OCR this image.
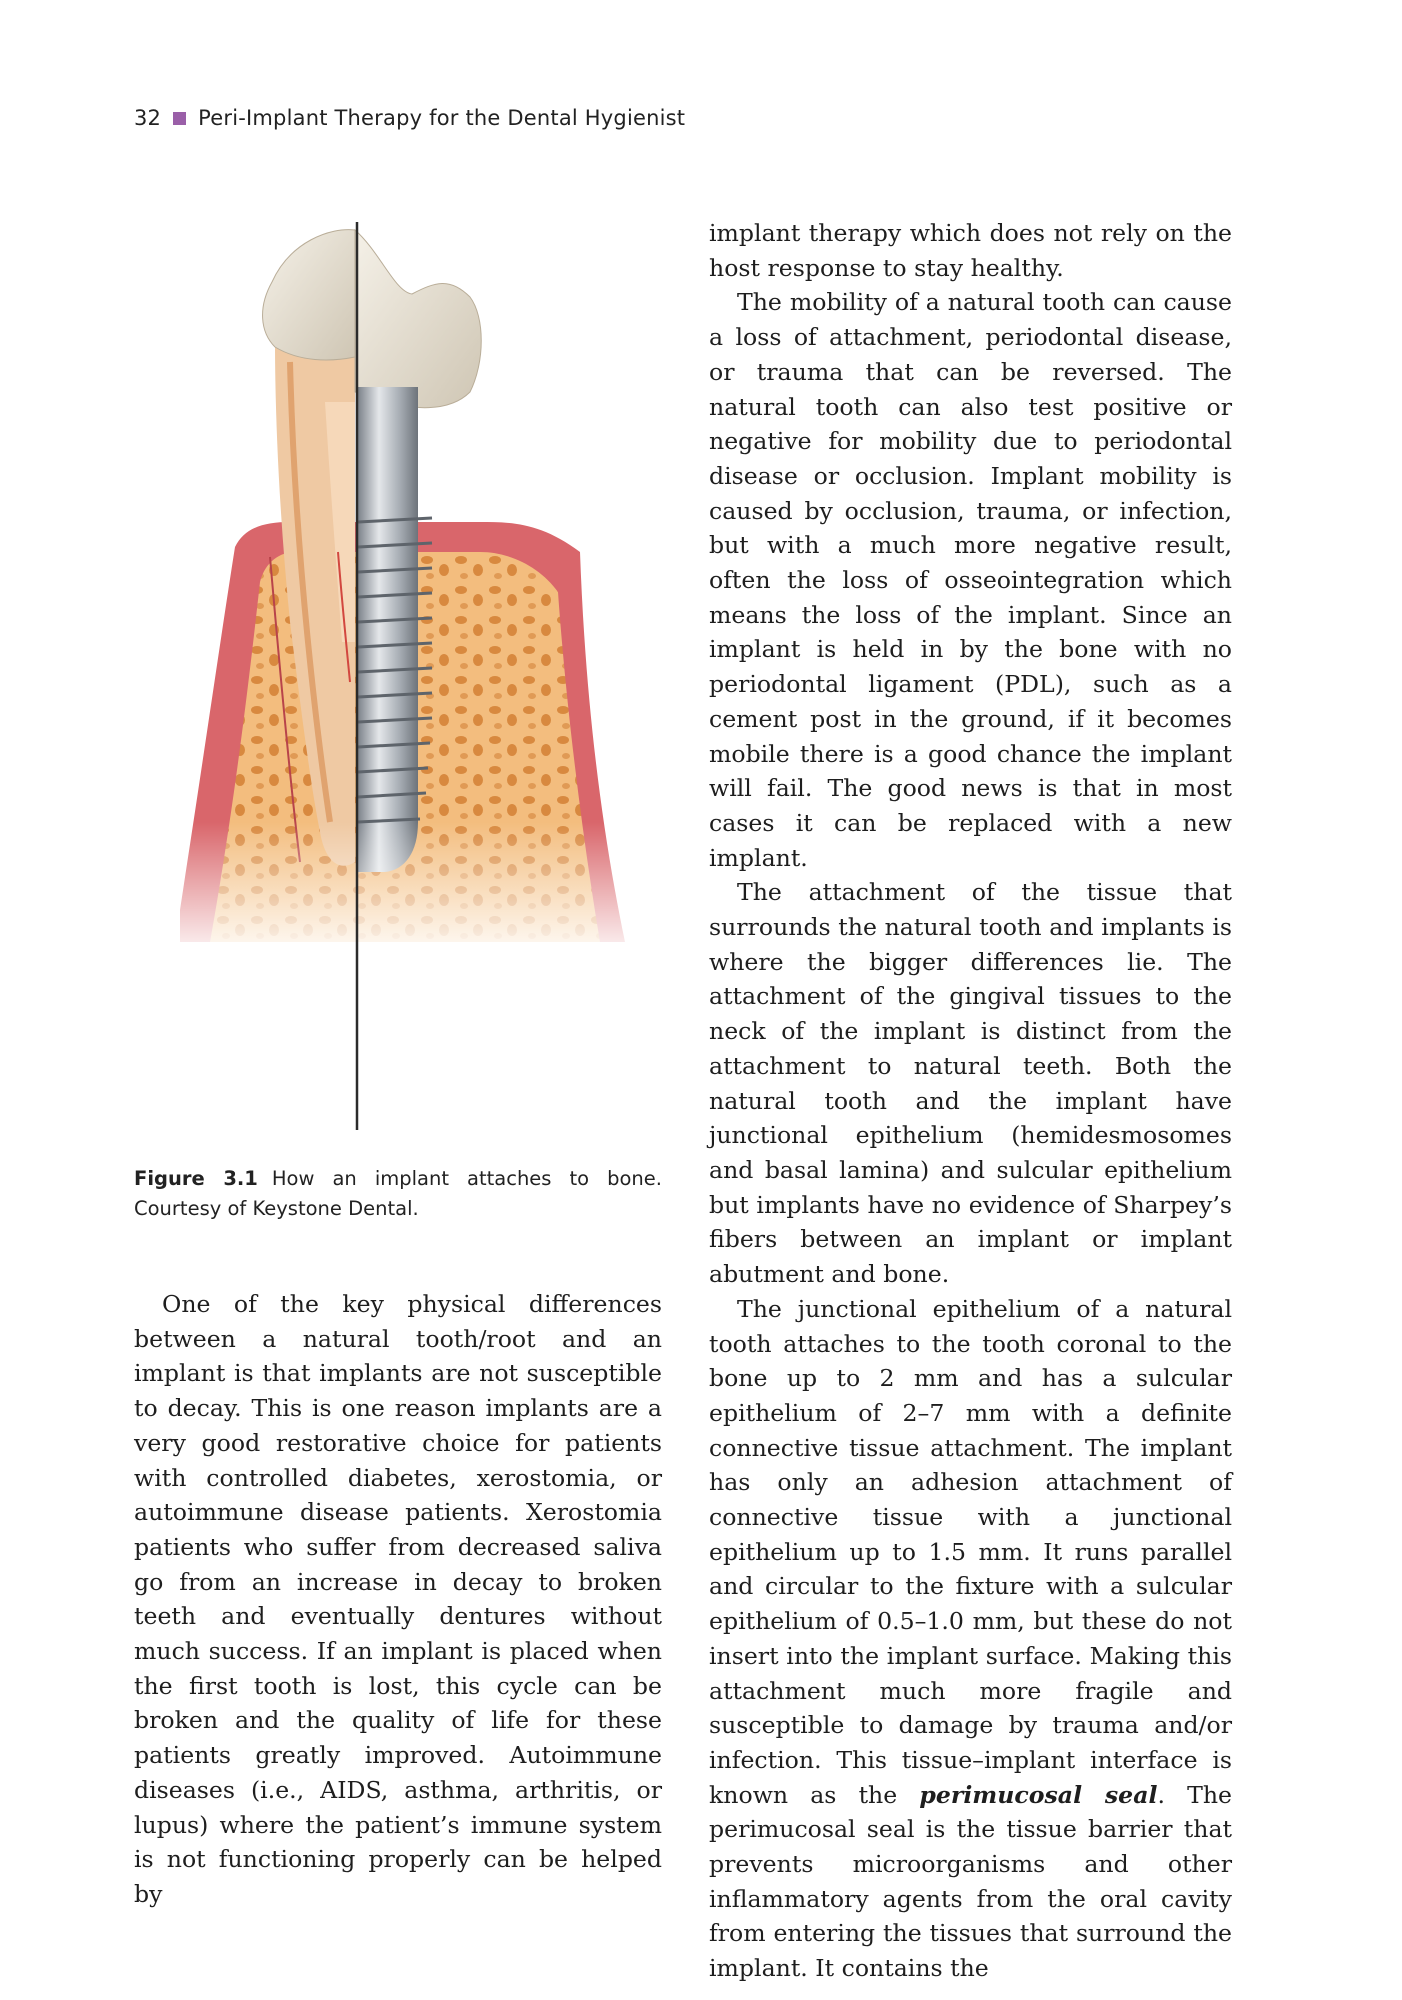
32 Peri-Implant Therapy for the Dental Hygienist
Figure 3.1 How an implant attaches to bone. Courtesy of Keystone Dental.

One of the key physical differences between a natural tooth/root and an implant is that implants are not susceptible to decay. This is one reason implants are a very good restorative choice for patients with controlled diabetes, xerostomia, or autoimmune disease patients. Xerostomia patients who suffer from decreased saliva go from an increase in decay to broken teeth and eventually dentures without much success. If an implant is placed when the first tooth is lost, this cycle can be broken and the quality of life for these patients greatly improved. Autoimmune diseases (i.e., AIDS, asthma, arthritis, or lupus) where the patient’s immune system is not functioning properly can be helped by

implant therapy which does not rely on the host response to stay healthy.

The mobility of a natural tooth can cause a loss of attachment, periodontal disease, or trauma that can be reversed. The natural tooth can also test positive or negative for mobility due to periodontal disease or occlusion. Implant mobility is caused by occlusion, trauma, or infection, but with a much more negative result, often the loss of osseointegration which means the loss of the implant. Since an implant is held in by the bone with no periodontal ligament (PDL), such as a cement post in the ground, if it becomes mobile there is a good chance the implant will fail. The good news is that in most cases it can be replaced with a new implant.

The attachment of the tissue that surrounds the natural tooth and implants is where the bigger differences lie. The attachment of the gingival tissues to the neck of the implant is distinct from the attachment to natural teeth. Both the natural tooth and the implant have junctional epithelium (hemidesmosomes and basal lamina) and sulcular epithelium but implants have no evidence of Sharpey’s fibers between an implant or implant abutment and bone.

The junctional epithelium of a natural tooth attaches to the tooth coronal to the bone up to 2 mm and has a sulcular epithelium of 2–7 mm with a definite connective tissue attachment. The implant has only an adhesion attachment of connective tissue with a junctional epithelium up to 1.5 mm. It runs parallel and circular to the fixture with a sulcular epithelium of 0.5–1.0 mm, but these do not insert into the implant surface. Making this attachment much more fragile and susceptible to damage by trauma and/or infection. This tissue–implant interface is known as the perimucosal seal. The perimucosal seal is the tissue barrier that prevents microorganisms and other inflammatory agents from the oral cavity from entering the tissues that surround the implant. It contains the
